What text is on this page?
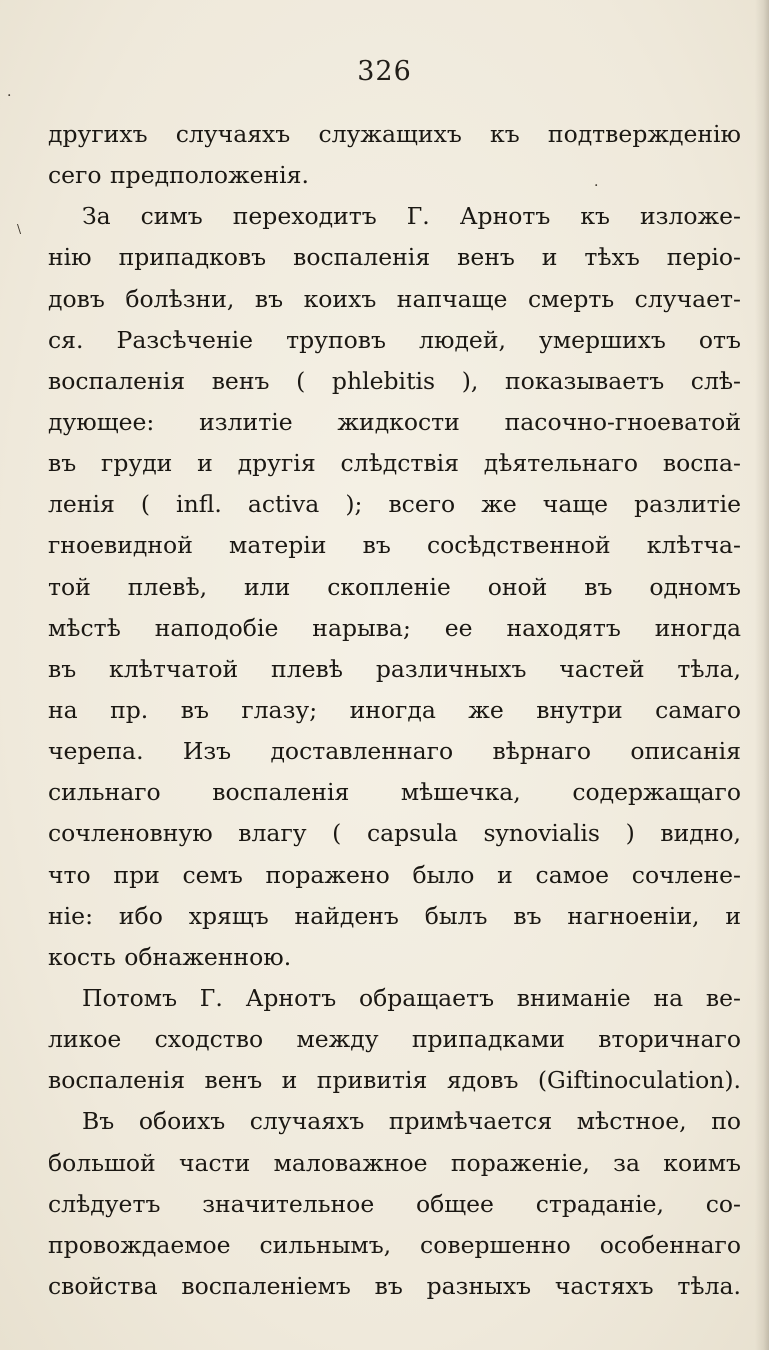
326
·
·
\
другихъ случаяхъ служащихъ къ подтвержденію
сего предположенія.
За симъ переходитъ Г. Арнотъ къ изложе-
нію припадковъ воспаленія венъ и тѣхъ періо-
довъ болѣзни, въ коихъ напчаще смерть случает-
ся. Разсѣченіе труповъ людей, умершихъ отъ
воспаленія венъ ( phlebitis ), показываетъ слѣ-
дующее: излитіе жидкости пасочно-гноеватой
въ груди и другія слѣдствія дѣятельнаго воспа-
ленія ( infl. activa ); всего же чаще разлитіе
гноевидной матеріи въ сосѣдственной клѣтча-
той плевѣ, или скопленіе оной въ одномъ
мѣстѣ наподобіе нарыва; ее находятъ иногда
въ клѣтчатой плевѣ различныхъ частей тѣла,
на пр. въ глазу; иногда же внутри самаго
черепа. Изъ доставленнаго вѣрнаго описанія
сильнаго воспаленія мѣшечка, содержащаго
сочленовную влагу ( capsula synovialis ) видно,
что при семъ поражено было и самое сочлене-
ніе: ибо хрящъ найденъ былъ въ нагноеніи, и
кость обнаженною.
Потомъ Г. Арнотъ обращаетъ вниманіе на ве-
ликое сходство между припадками вторичнаго
воспаленія венъ и привитія ядовъ (Giftinoculation).
Въ обоихъ случаяхъ примѣчается мѣстное, по
большой части маловажное пораженіе, за коимъ
слѣдуетъ значительное общее страданіе, со-
провождаемое сильнымъ, совершенно особеннаго
свойства воспаленіемъ въ разныхъ частяхъ тѣла.
